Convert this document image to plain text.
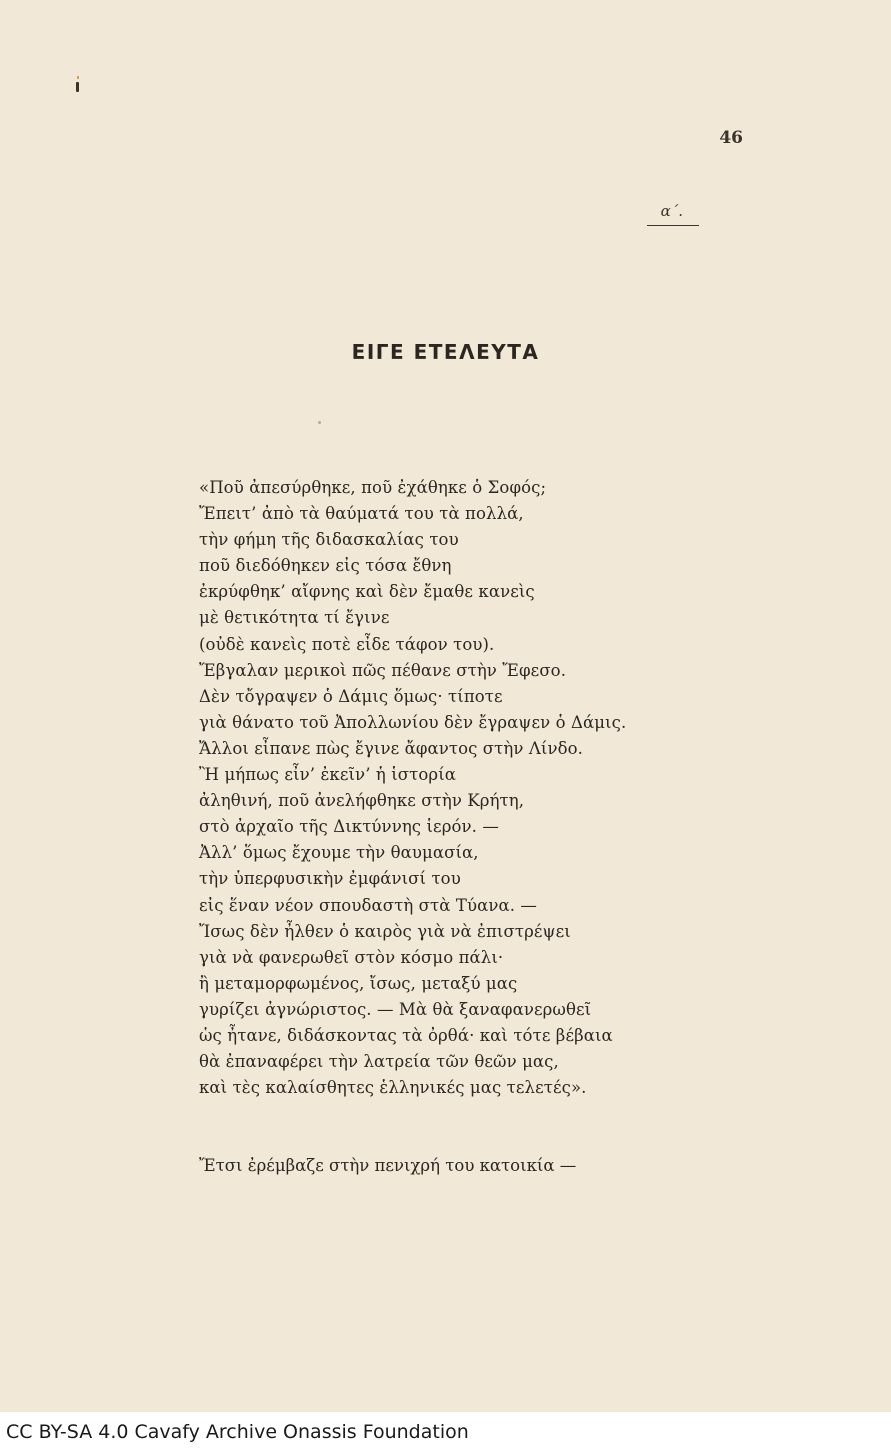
46
α΄.
ΕΙΓΕ ΕΤΕΛΕΥΤΑ
«Ποῦ ἀπεσύρθηκε, ποῦ ἐχάθηκε ὁ Σοφός;
Ἔπειτ’ ἀπὸ τὰ θαύματά του τὰ πολλά,
τὴν φήμη τῆς διδασκαλίας του
ποῦ διεδόθηκεν εἰς τόσα ἔθνη
ἐκρύφθηκ’ αἴφνης καὶ δὲν ἔμαθε κανεὶς
μὲ θετικότητα τί ἔγινε
(οὐδὲ κανεὶς ποτὲ εἶδε τάφον του).
Ἔβγαλαν μερικοὶ πῶς πέθανε στὴν Ἔφεσο.
Δὲν τὄγραψεν ὁ Δάμις ὅμως· τίποτε
γιὰ θάνατο τοῦ Ἀπολλωνίου δὲν ἔγραψεν ὁ Δάμις.
Ἄλλοι εἶπανε πὼς ἔγινε ἄφαντος στὴν Λίνδο.
Ἢ μήπως εἶν’ ἐκεῖν’ ἡ ἱστορία
ἀληθινή, ποῦ ἀνελήφθηκε στὴν Κρήτη,
στὸ ἀρχαῖο τῆς Δικτύννης ἱερόν. —
Ἀλλ’ ὅμως ἔχουμε τὴν θαυμασία,
τὴν ὑπερφυσικὴν ἐμφάνισί του
εἰς ἕναν νέον σπουδαστὴ στὰ Τύανα. —
Ἴσως δὲν ἦλθεν ὁ καιρὸς γιὰ νὰ ἐπιστρέψει
γιὰ νὰ φανερωθεῖ στὸν κόσμο πάλι·
ἢ μεταμορφωμένος, ἴσως, μεταξύ μας
γυρίζει ἀγνώριστος. — Μὰ θὰ ξαναφανερωθεῖ
ὡς ἦτανε, διδάσκοντας τὰ ὀρθά· καὶ τότε βέβαια
θὰ ἐπαναφέρει τὴν λατρεία τῶν θεῶν μας,
καὶ τὲς καλαίσθητες ἑλληνικές μας τελετές».
Ἔτσι ἐρέμβαζε στὴν πενιχρή του κατοικία —
CC BY-SA 4.0 Cavafy Archive Onassis Foundation
